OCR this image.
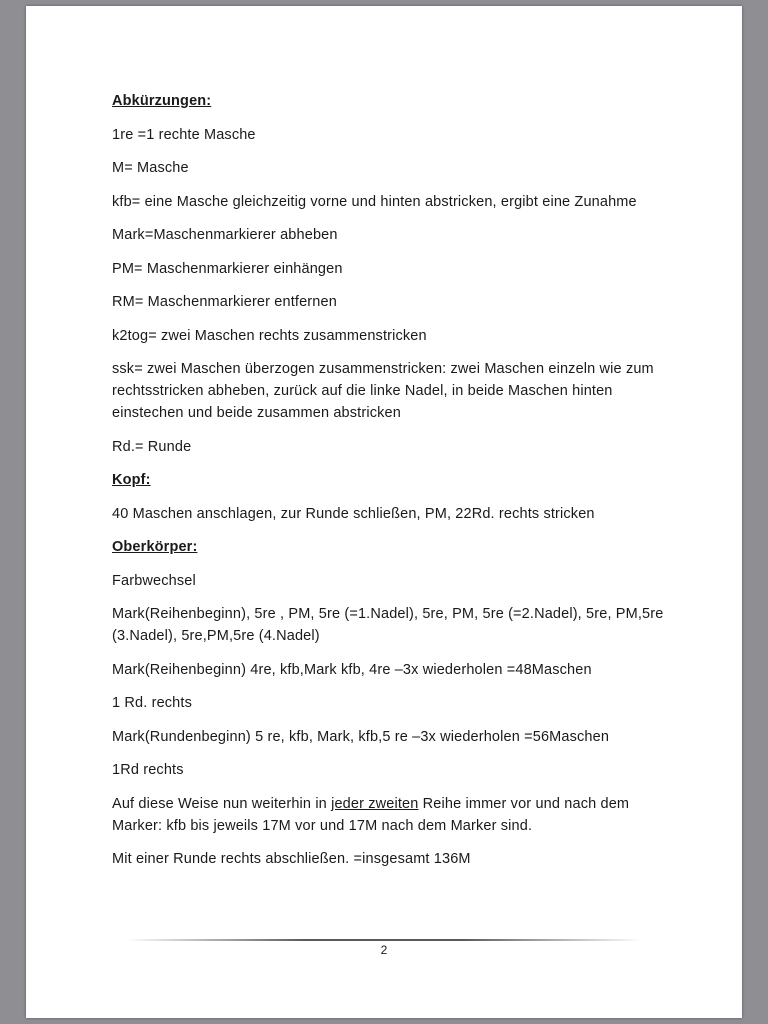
Abkürzungen:
1re =1 rechte Masche
M= Masche
kfb= eine Masche gleichzeitig vorne und hinten abstricken, ergibt eine Zunahme
Mark=Maschenmarkierer abheben
PM= Maschenmarkierer einhängen
RM= Maschenmarkierer entfernen
k2tog= zwei Maschen rechts zusammenstricken
ssk= zwei Maschen überzogen zusammenstricken: zwei Maschen einzeln wie zum rechtsstricken abheben, zurück auf die linke Nadel, in beide Maschen hinten einstechen und beide zusammen abstricken
Rd.= Runde
Kopf:
40 Maschen anschlagen, zur Runde schließen, PM, 22Rd. rechts stricken
Oberkörper:
Farbwechsel
Mark(Reihenbeginn), 5re , PM, 5re (=1.Nadel), 5re, PM, 5re (=2.Nadel), 5re, PM,5re (3.Nadel), 5re,PM,5re (4.Nadel)
Mark(Reihenbeginn) 4re, kfb,Mark kfb, 4re –3x wiederholen =48Maschen
1 Rd. rechts
Mark(Rundenbeginn) 5 re, kfb, Mark, kfb,5 re –3x wiederholen =56Maschen
1Rd rechts
Auf diese Weise nun weiterhin in jeder zweiten Reihe immer vor und nach dem Marker: kfb bis jeweils 17M vor und 17M nach dem Marker sind.
Mit einer Runde rechts abschließen. =insgesamt 136M
2
